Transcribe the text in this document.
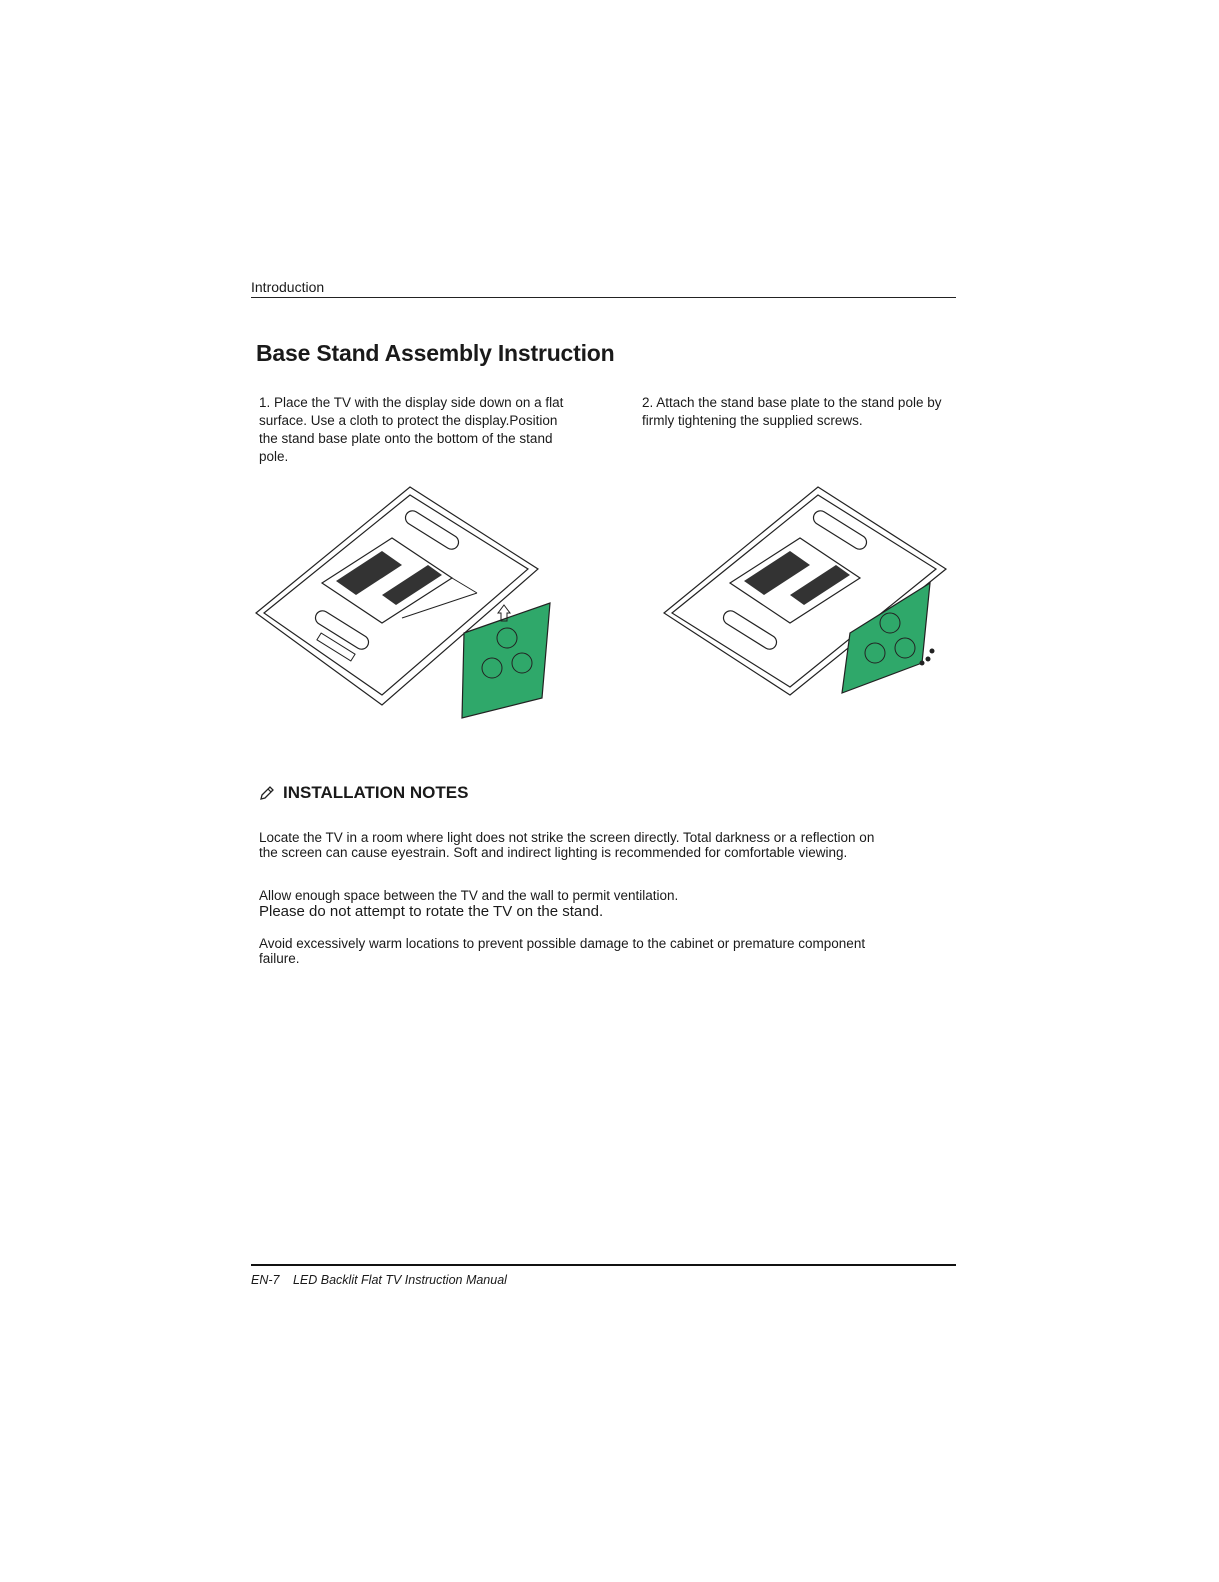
Introduction
Base Stand Assembly Instruction
1. Place the TV with the display side down on a flat surface. Use a cloth to protect the display.Position the stand base plate onto the bottom of the stand pole.
2. Attach the stand base plate to the stand pole by firmly tightening the supplied screws.
INSTALLATION NOTES
Locate the TV in a room where light does not strike the screen directly. Total darkness or a reflection on the screen can cause eyestrain. Soft and indirect lighting is recommended for comfortable viewing.
Allow enough space between the TV and the wall to permit ventilation.
Please do not attempt to rotate the TV on the stand.
Avoid excessively warm locations to prevent possible damage to the cabinet or premature component failure.
EN-7 LED Backlit Flat TV Instruction Manual
